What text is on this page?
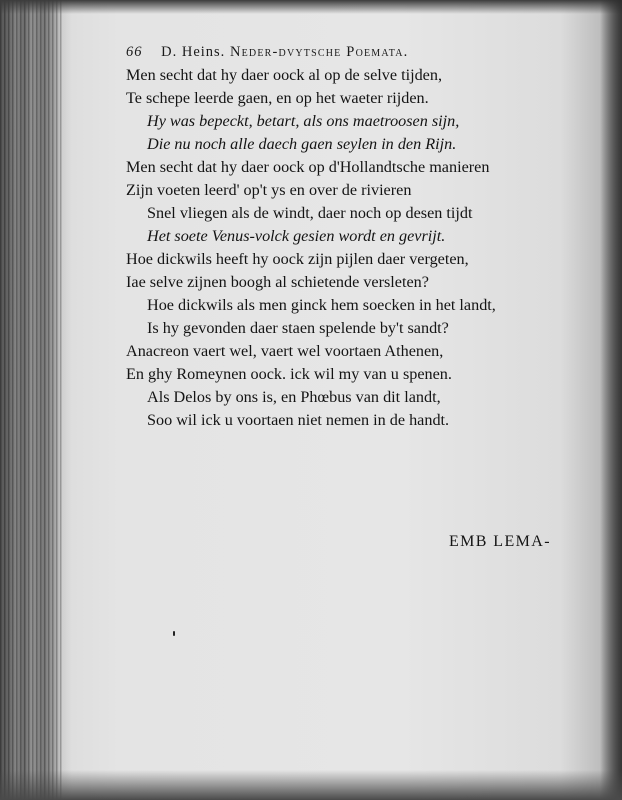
66 D. Heins. Neder-dvytsche Poemata.
Men secht dat hy daer oock al op de selve tijden,
Te schepe leerde gaen, en op het waeter rijden.
Hy was bepeckt, betart, als ons maetroosen sijn,
Die nu noch alle daech gaen seylen in den Rijn.
Men secht dat hy daer oock op d'Hollandtsche manieren
Zijn voeten leerd' op't ys en over de rivieren
Snel vliegen als de windt, daer noch op desen tijdt
Het soete Venus-volck gesien wordt en gevrijt.
Hoe dickwils heeft hy oock zijn pijlen daer vergeten,
Iae selve zijnen boogh al schietende versleten?
Hoe dickwils als men ginck hem soecken in het landt,
Is hy gevonden daer staen spelende by't sandt?
Anacreon vaert wel, vaert wel voortaen Athenen,
En ghy Romeynen oock. ick wil my van u spenen.
Als Delos by ons is, en Phœbus van dit landt,
Soo wil ick u voortaen niet nemen in de handt.
EMB LEMA-
